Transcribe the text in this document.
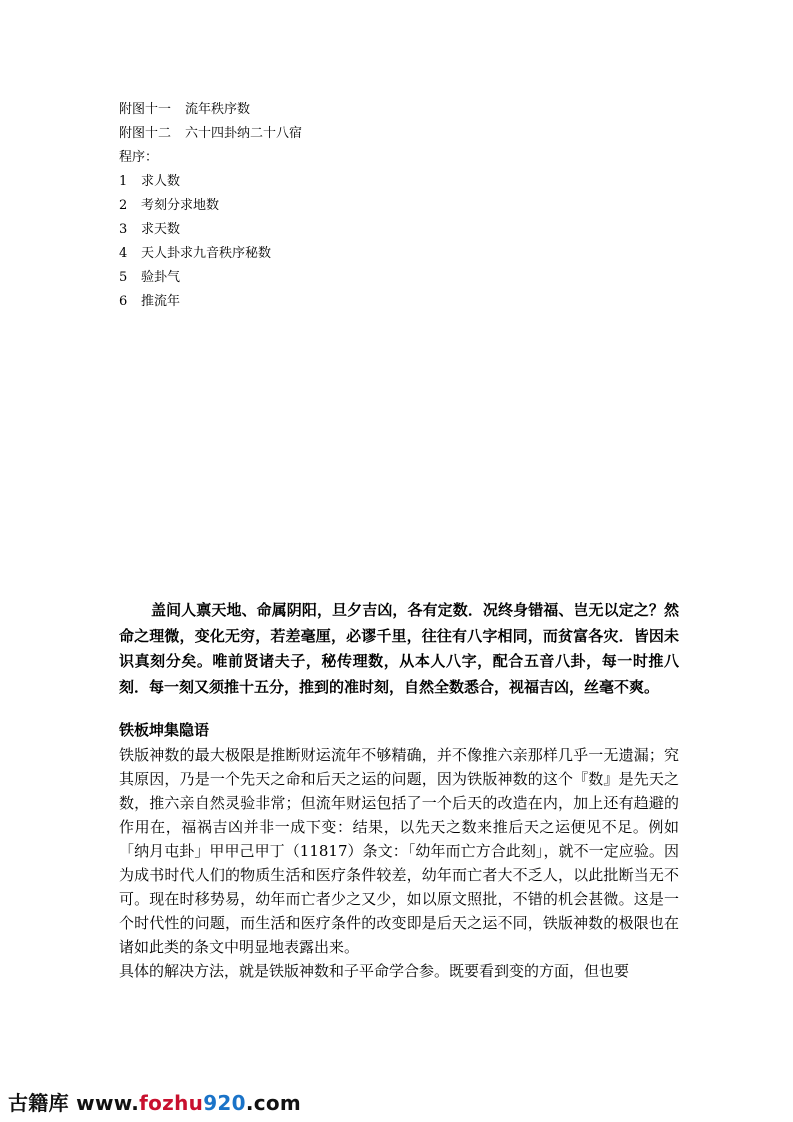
附图十一 流年秩序数
附图十二 六十四卦纳二十八宿
程序：
1 求人数
2 考刻分求地数
3 求天数
4 天人卦求九音秩序秘数
5 验卦气
6 推流年
盖间人禀天地、命属阴阳，旦夕吉凶，各有定数．况终身错福、岂无以定之？然命之理微，变化无穷，若差毫厘，必谬千里，往往有八字相同，而贫富各灾．皆因未识真刻分矣。唯前贤诸夫子，秘传理数，从本人八字，配合五音八卦，每一时推八刻．每一刻又须推十五分，推到的准时刻，自然全数悉合，视福吉凶，丝毫不爽。
铁板坤集隐语

铁版神数的最大极限是推断财运流年不够精确，并不像推六亲那样几乎一无遗漏；究其原因，乃是一个先天之命和后天之运的问题，因为铁版神数的这个『数』是先天之数，推六亲自然灵验非常；但流年财运包括了一个后天的改造在内，加上还有趋避的作用在，福祸吉凶并非一成下变：结果，以先天之数来推后天之运便见不足。例如「纳月屯卦」甲甲己甲丁（11817）条文：「幼年而亡方合此刻」，就不一定应验。因为成书时代人们的物质生活和医疗条件较差，幼年而亡者大不乏人，以此批断当无不可。现在时移势易，幼年而亡者少之又少，如以原文照批，不错的机会甚微。这是一个时代性的问题，而生活和医疗条件的改变即是后天之运不同，铁版神数的极限也在诸如此类的条文中明显地表露出来。

具体的解决方法，就是铁版神数和子平命学合参。既要看到变的方面，但也要

古籍库 www.fozhu920.com
